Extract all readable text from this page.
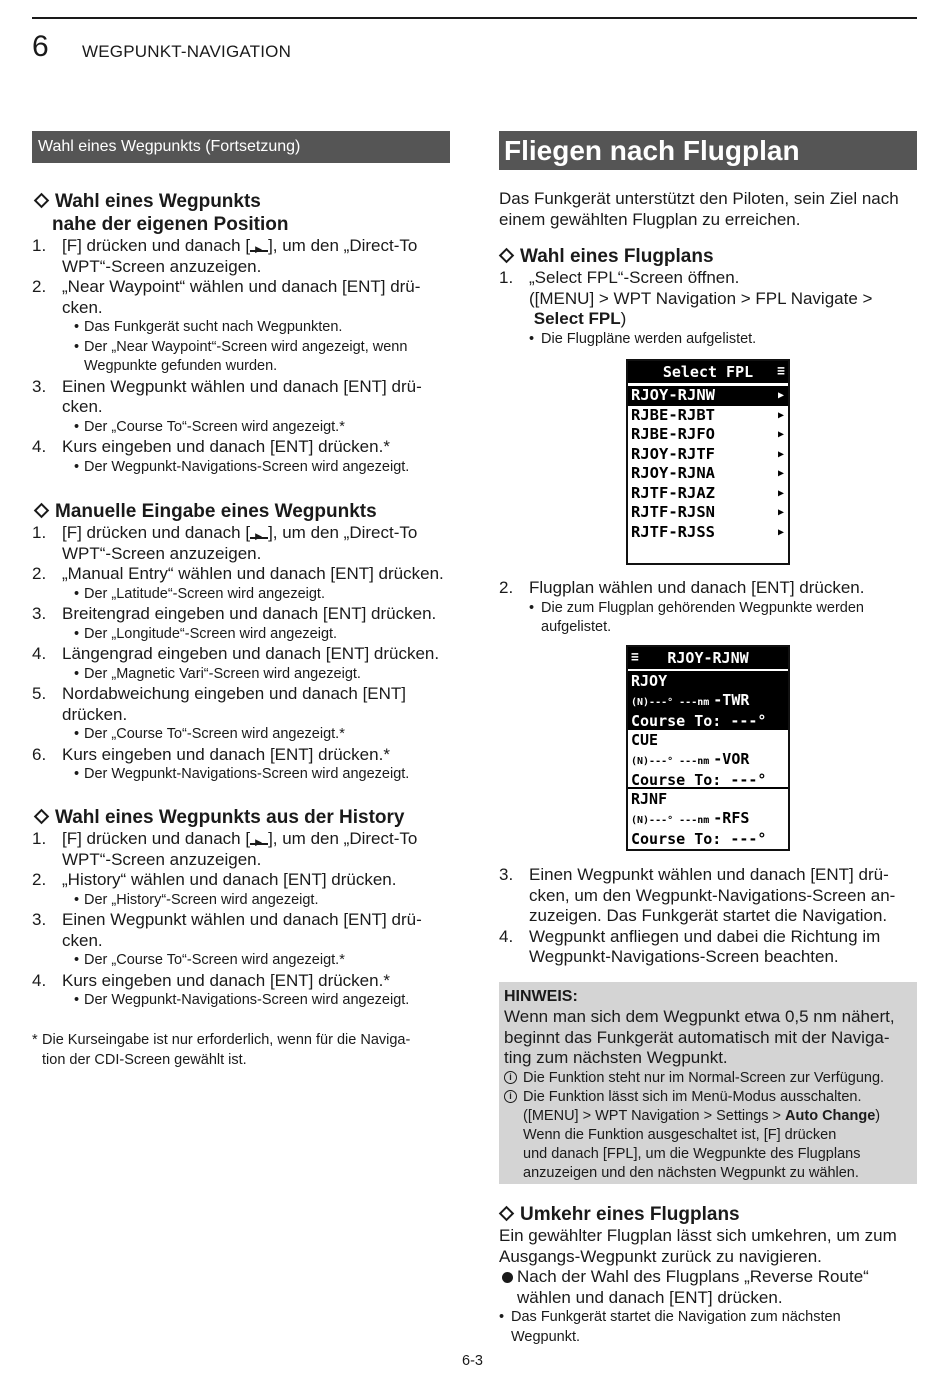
6 WEGPUNKT-NAVIGATION
Wahl eines Wegpunkts (Fortsetzung)
Wahl eines Wegpunkts
nahe der eigenen Position
1. [F] drücken und danach [ ▶ ], um den „Direct-To
WPT“-Screen anzuzeigen.
2. „Near Waypoint“ wählen und danach [ENT] drü-
cken.
• Das Funkgerät sucht nach Wegpunkten.
• Der „Near Waypoint“-Screen wird angezeigt, wenn
Wegpunkte gefunden wurden.
3. Einen Wegpunkt wählen und danach [ENT] drü-
cken.
• Der „Course To“-Screen wird angezeigt.*
4. Kurs eingeben und danach [ENT] drücken.*
• Der Wegpunkt-Navigations-Screen wird angezeigt.
Manuelle Eingabe eines Wegpunkts
1. [F] drücken und danach [ ▶ ], um den „Direct-To
WPT“-Screen anzuzeigen.
2. „Manual Entry“ wählen und danach [ENT] drücken.
• Der „Latitude“-Screen wird angezeigt.
3. Breitengrad eingeben und danach [ENT] drücken.
• Der „Longitude“-Screen wird angezeigt.
4. Längengrad eingeben und danach [ENT] drücken.
• Der „Magnetic Vari“-Screen wird angezeigt.
5. Nordabweichung eingeben und danach [ENT]
drücken.
• Der „Course To“-Screen wird angezeigt.*
6. Kurs eingeben und danach [ENT] drücken.*
• Der Wegpunkt-Navigations-Screen wird angezeigt.
Wahl eines Wegpunkts aus der History
1. [F] drücken und danach [ ▶ ], um den „Direct-To
WPT“-Screen anzuzeigen.
2. „History“ wählen und danach [ENT] drücken.
• Der „History“-Screen wird angezeigt.
3. Einen Wegpunkt wählen und danach [ENT] drü-
cken.
• Der „Course To“-Screen wird angezeigt.*
4. Kurs eingeben und danach [ENT] drücken.*
• Der Wegpunkt-Navigations-Screen wird angezeigt.
* Die Kurseingabe ist nur erforderlich, wenn für die Naviga-
tion der CDI-Screen gewählt ist.
Fliegen nach Flugplan
Das Funkgerät unterstützt den Piloten, sein Ziel nach
einem gewählten Flugplan zu erreichen.
Wahl eines Flugplans
1. „Select FPL“-Screen öffnen.
([MENU] > WPT Navigation > FPL Navigate >
Select FPL)
• Die Flugpläne werden aufgelistet.
≡
Select FPL
RJOY-RJNW	▶
RJBE-RJBT	▶
RJBE-RJFO	▶
RJOY-RJTF	▶
RJOY-RJNA	▶
RJTF-RJAZ	▶
RJTF-RJSN	▶
RJTF-RJSS	▶
2. Flugplan wählen und danach [ENT] drücken.
• Die zum Flugplan gehörenden Wegpunkte werden
aufgelistet.
≡ RJOY-RJNW
RJOY
(N)---° ---nm -TWR
Course To: ---°
CUE
(N)---° ---nm -VOR
Course To: ---°
RJNF
(N)---° ---nm -RFS
Course To: ---°
3. Einen Wegpunkt wählen und danach [ENT] drü-
cken, um den Wegpunkt-Navigations-Screen an-
zuzeigen. Das Funkgerät startet die Navigation.
4. Wegpunkt anfliegen und dabei die Richtung im
Wegpunkt-Navigations-Screen beachten.
HINWEIS:
Wenn man sich dem Wegpunkt etwa 0,5 nm nähert,
beginnt das Funkgerät automatisch mit der Naviga-
ting zum nächsten Wegpunkt.
i Die Funktion steht nur im Normal-Screen zur Verfügung.
i Die Funktion lässt sich im Menü-Modus ausschalten.
([MENU] > WPT Navigation > Settings > Auto Change)
Wenn die Funktion ausgeschaltet ist, [F] drücken
und danach [FPL], um die Wegpunkte des Flugplans
anzuzeigen und den nächsten Wegpunkt zu wählen.
Umkehr eines Flugplans
Ein gewählter Flugplan lässt sich umkehren, um zum
Ausgangs-Wegpunkt zurück zu navigieren.
Nach der Wahl des Flugplans „Reverse Route“
wählen und danach [ENT] drücken.
• Das Funkgerät startet die Navigation zum nächsten
Wegpunkt.
6-3
